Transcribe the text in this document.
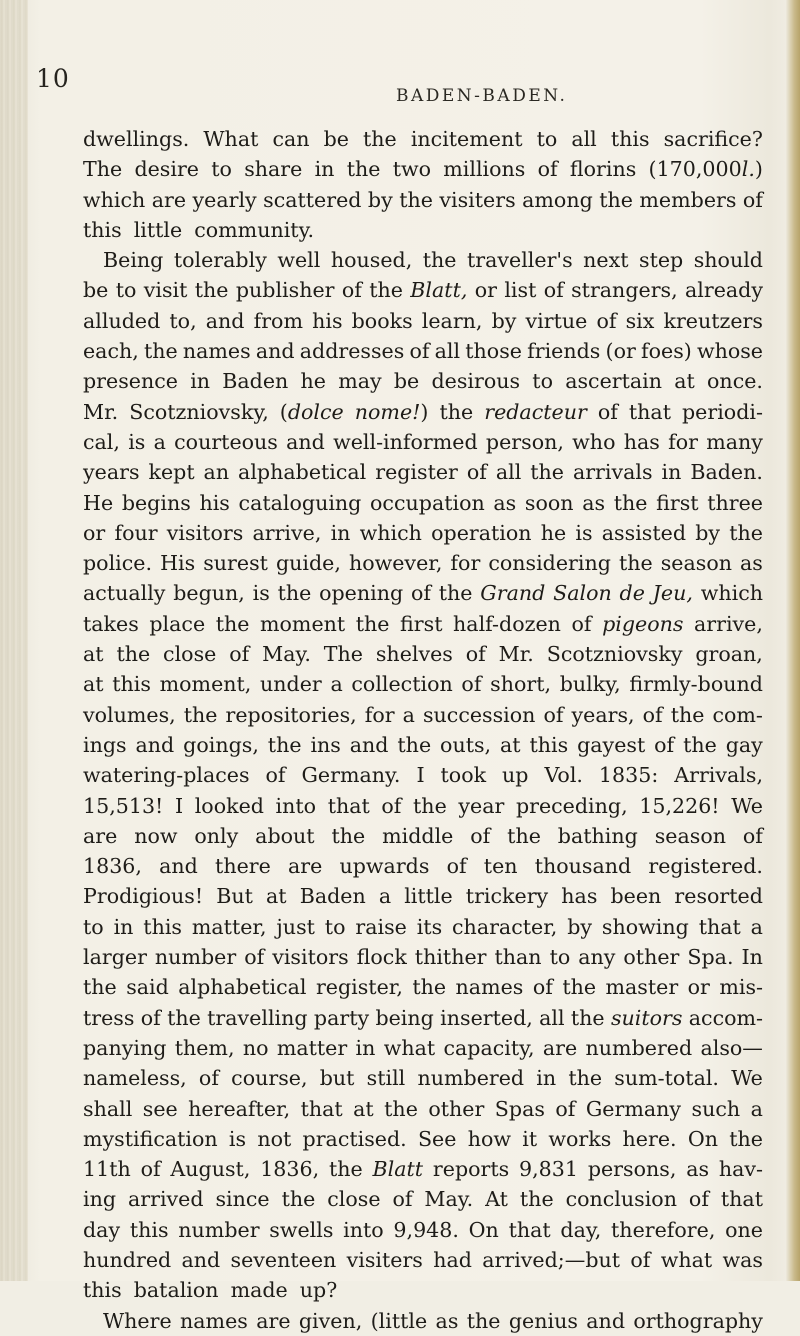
10
BADEN-BADEN.
dwellings. What can be the incitement to all this sacrifice?
The desire to share in the two millions of florins (170,000l.)
which are yearly scattered by the visiters among the members of
this little community.
Being tolerably well housed, the traveller's next step should
be to visit the publisher of the Blatt, or list of strangers, already
alluded to, and from his books learn, by virtue of six kreutzers
each, the names and addresses of all those friends (or foes) whose
presence in Baden he may be desirous to ascertain at once.
Mr. Scotzniovsky, (dolce nome!) the redacteur of that periodi-
cal, is a courteous and well-informed person, who has for many
years kept an alphabetical register of all the arrivals in Baden.
He begins his cataloguing occupation as soon as the first three
or four visitors arrive, in which operation he is assisted by the
police. His surest guide, however, for considering the season as
actually begun, is the opening of the Grand Salon de Jeu, which
takes place the moment the first half-dozen of pigeons arrive,
at the close of May. The shelves of Mr. Scotzniovsky groan,
at this moment, under a collection of short, bulky, firmly-bound
volumes, the repositories, for a succession of years, of the com-
ings and goings, the ins and the outs, at this gayest of the gay
watering-places of Germany. I took up Vol. 1835: Arrivals,
15,513! I looked into that of the year preceding, 15,226! We
are now only about the middle of the bathing season of
1836, and there are upwards of ten thousand registered.
Prodigious! But at Baden a little trickery has been resorted
to in this matter, just to raise its character, by showing that a
larger number of visitors flock thither than to any other Spa. In
the said alphabetical register, the names of the master or mis-
tress of the travelling party being inserted, all the suitors accom-
panying them, no matter in what capacity, are numbered also—
nameless, of course, but still numbered in the sum-total. We
shall see hereafter, that at the other Spas of Germany such a
mystification is not practised. See how it works here. On the
11th of August, 1836, the Blatt reports 9,831 persons, as hav-
ing arrived since the close of May. At the conclusion of that
day this number swells into 9,948. On that day, therefore, one
hundred and seventeen visiters had arrived;—but of what was
this batalion made up?
Where names are given, (little as the genius and orthography
